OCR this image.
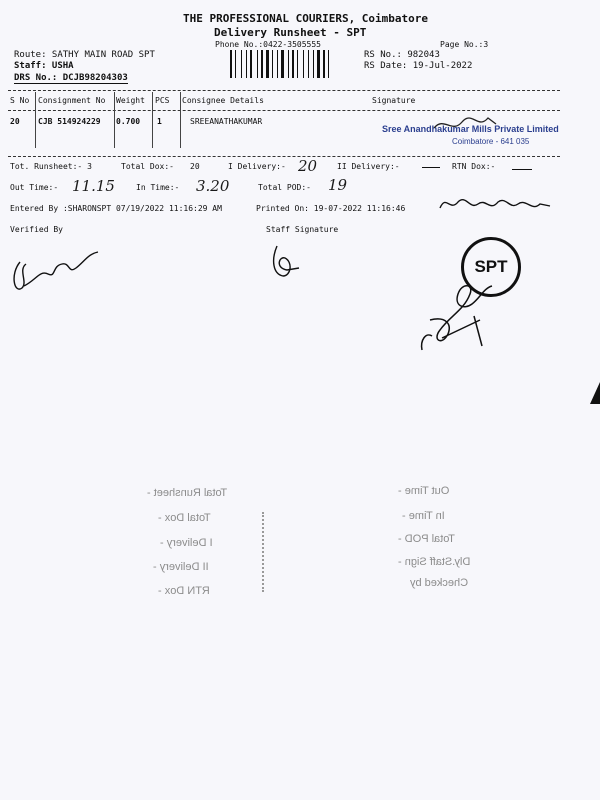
THE PROFESSIONAL COURIERS, Coimbatore
Delivery Runsheet - SPT
Phone No.:0422-3505555	Page No.:3
Route: SATHY MAIN ROAD SPT
Staff: USHA
DRS No.: DCJB98204303
RS No.: 982043
RS Date: 19-Jul-2022
S No Consignment No Weight PCS Consignee Details	Signature
20 CJB 514924229 0.700 1	SREEANATHAKUMAR
Sree Anandhakumar Mills Private Limited
Coimbatore - 641 035
Tot. Runsheet:- 3	Total Dox:- 20	I Delivery:- 20 II Delivery:-	RTN Dox:-
Out Time:- 11.15	In Time:- 3.20	Total POD:- 19
Entered By :SHARONSPT 07/19/2022 11:16:29 AM	Printed On: 19-07-2022 11:16:46
Verified By	Staff Signature
SPT
Total Runsheet -
Total Dox -
I Delivery -
II Delivery -
RTN Dox -
Out Time -
In Time -
Total POD -
Dly.Staff Sign -
Checked by
